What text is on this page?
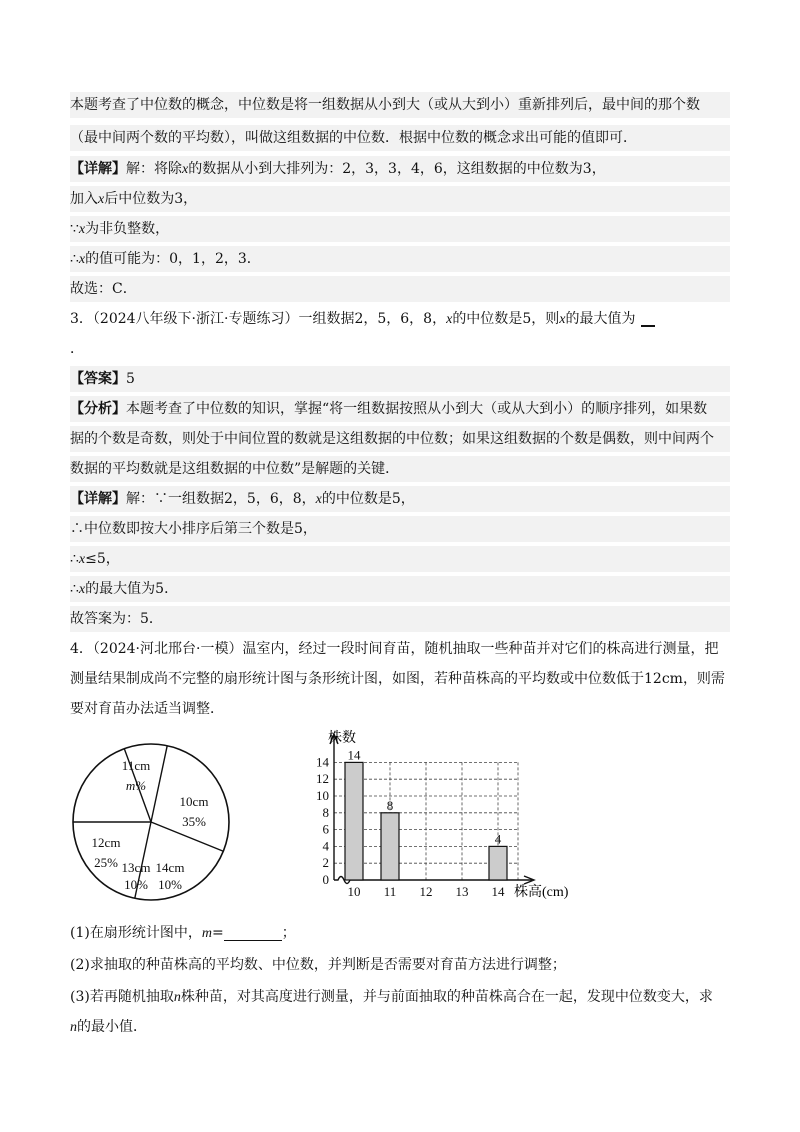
本题考查了中位数的概念，中位数是将一组数据从小到大（或从大到小）重新排列后，最中间的那个数
（最中间两个数的平均数），叫做这组数据的中位数．根据中位数的概念求出可能的值即可．
【详解】解：将除x的数据从小到大排列为：2，3，3，4，6，这组数据的中位数为3，
加入x后中位数为3，
∵x为非负整数，
∴x的值可能为：0，1，2，3．
故选：C．
3．（2024八年级下·浙江·专题练习）一组数据2，5，6，8，x的中位数是5，则x的最大值为
．
【答案】5
【分析】本题考查了中位数的知识，掌握“将一组数据按照从小到大（或从大到小）的顺序排列，如果数
据的个数是奇数，则处于中间位置的数就是这组数据的中位数；如果这组数据的个数是偶数，则中间两个
数据的平均数就是这组数据的中位数”是解题的关键．
【详解】解：∵一组数据2，5，6，8，x的中位数是5，
∴中位数即按大小排序后第三个数是5，
∴x≤5，
∴x的最大值为5．
故答案为：5．
4．（2024·河北邢台·一模）温室内，经过一段时间育苗，随机抽取一些种苗并对它们的株高进行测量，把
测量结果制成尚不完整的扇形统计图与条形统计图，如图，若种苗株高的平均数或中位数低于12cm，则需
要对育苗办法适当调整．
11cm
m%
10cm
35%
12cm
25% 13cm
10%
14cm
10%	0
2
4
6
8
10
12
14
10 11 12 13 14
14
8
4
株数
株高(cm)
(1)在扇形统计图中，m=	；
(2)求抽取的种苗株高的平均数、中位数，并判断是否需要对育苗方法进行调整；
(3)若再随机抽取n株种苗，对其高度进行测量，并与前面抽取的种苗株高合在一起，发现中位数变大，求
n的最小值．
